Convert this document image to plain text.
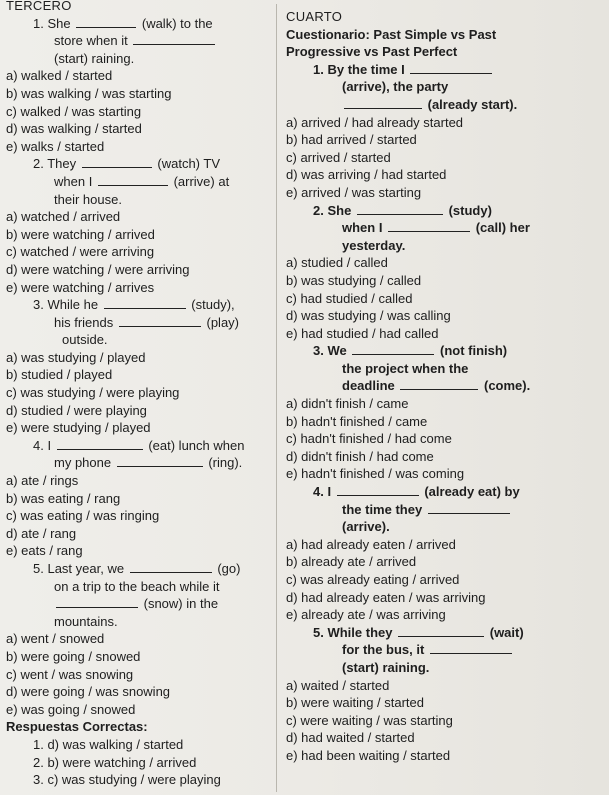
TERCERO
1. She	(walk) to the
store when it
(start) raining.
a) walked / started
b) was walking / was starting
c) walked / was starting
d) was walking / started
e) walks / started
2. They	(watch) TV
when I	(arrive) at
their house.
a) watched / arrived
b) were watching / arrived
c) watched / were arriving
d) were watching / were arriving
e) were watching / arrives
3. While he	(study),
his friends	(play)
outside.
a) was studying / played
b) studied / played
c) was studying / were playing
d) studied / were playing
e) were studying / played
4. I	(eat) lunch when
my phone	(ring).
a) ate / rings
b) was eating / rang
c) was eating / was ringing
d) ate / rang
e) eats / rang
5. Last year, we	(go)
on a trip to the beach while it
(snow) in the
mountains.
a) went / snowed
b) were going / snowed
c) went / was snowing
d) were going / was snowing
e) was going / snowed
Respuestas Correctas:
1. d) was walking / started
2. b) were watching / arrived
3. c) was studying / were playing
CUARTO
Cuestionario: Past Simple vs Past
Progressive vs Past Perfect
1. By the time I
(arrive), the party
(already start).
a) arrived / had already started
b) had arrived / started
c) arrived / started
d) was arriving / had started
e) arrived / was starting
2. She	(study)
when I	(call) her
yesterday.
a) studied / called
b) was studying / called
c) had studied / called
d) was studying / was calling
e) had studied / had called
3. We	(not finish)
the project when the
deadline	(come).
a) didn't finish / came
b) hadn't finished / came
c) hadn't finished / had come
d) didn't finish / had come
e) hadn't finished / was coming
4. I	(already eat) by
the time they
(arrive).
a) had already eaten / arrived
b) already ate / arrived
c) was already eating / arrived
d) had already eaten / was arriving
e) already ate / was arriving
5. While they	(wait)
for the bus, it
(start) raining.
a) waited / started
b) were waiting / started
c) were waiting / was starting
d) had waited / started
e) had been waiting / started
